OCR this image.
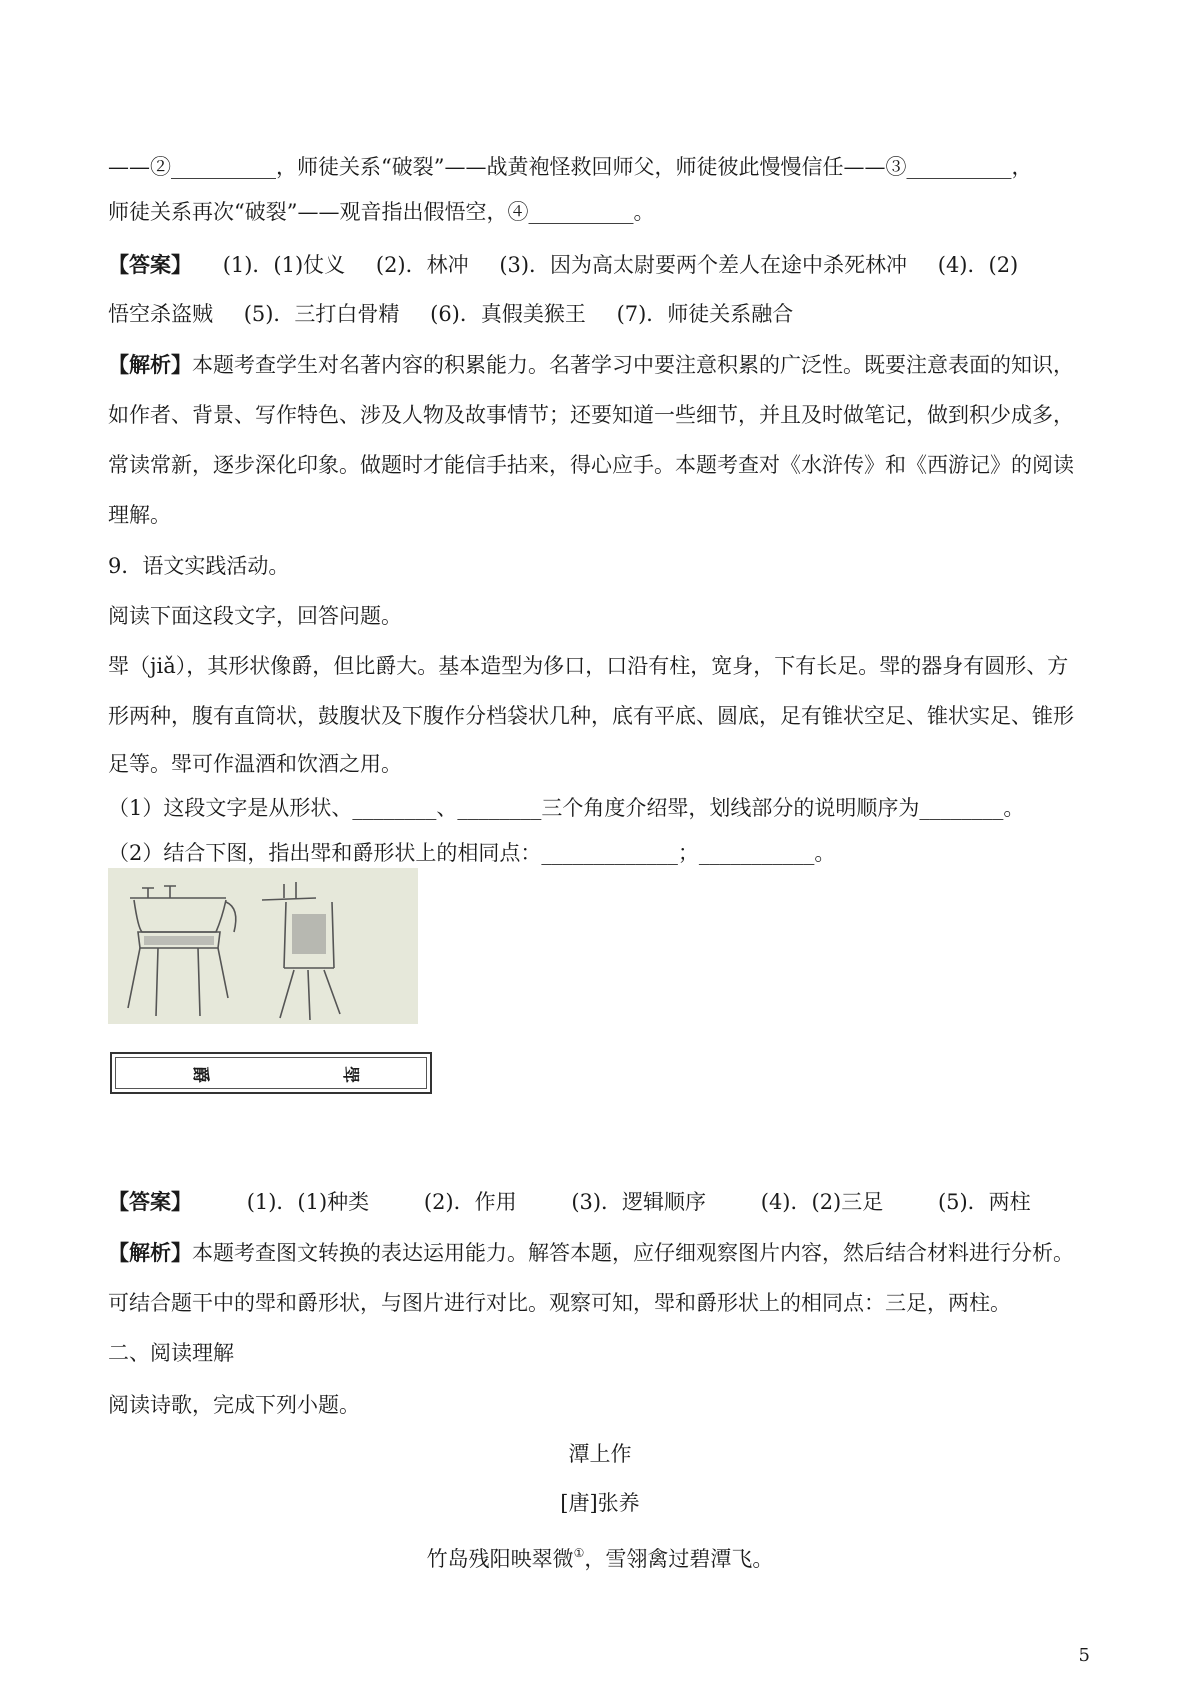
——②__________，师徒关系“破裂”——战黄袍怪救回师父，师徒彼此慢慢信任——③__________，
师徒关系再次“破裂”——观音指出假悟空，④__________。
【答案】 (1)．(1)仗义 (2)．林冲 (3)．因为高太尉要两个差人在途中杀死林冲 (4)．(2)
悟空杀盗贼 (5)．三打白骨精 (6)．真假美猴王 (7)．师徒关系融合
【解析】本题考查学生对名著内容的积累能力。名著学习中要注意积累的广泛性。既要注意表面的知识，
如作者、背景、写作特色、涉及人物及故事情节；还要知道一些细节，并且及时做笔记，做到积少成多，
常读常新，逐步深化印象。做题时才能信手拈来，得心应手。本题考查对《水浒传》和《西游记》的阅读
理解。
9．语文实践活动。
阅读下面这段文字，回答问题。
斝（jiǎ），其形状像爵，但比爵大。基本造型为侈口，口沿有柱，宽身，下有长足。斝的器身有圆形、方
形两种，腹有直筒状，鼓腹状及下腹作分档袋状几种，底有平底、圆底，足有锥状空足、锥状实足、锥形
足等。斝可作温酒和饮酒之用。
（1）这段文字是从形状、________、________三个角度介绍斝，划线部分的说明顺序为________。
（2）结合下图，指出斝和爵形状上的相同点：_____________；___________。
爵	斝
【答案】	(1)．(1)种类	(2)．作用	(3)．逻辑顺序	(4)．(2)三足	(5)．两柱
【解析】本题考查图文转换的表达运用能力。解答本题，应仔细观察图片内容，然后结合材料进行分析。
可结合题干中的斝和爵形状，与图片进行对比。观察可知，斝和爵形状上的相同点：三足，两柱。
二、阅读理解
阅读诗歌，完成下列小题。
潭上作
[唐]张养
竹岛残阳映翠微①，雪翎禽过碧潭飞。
5
